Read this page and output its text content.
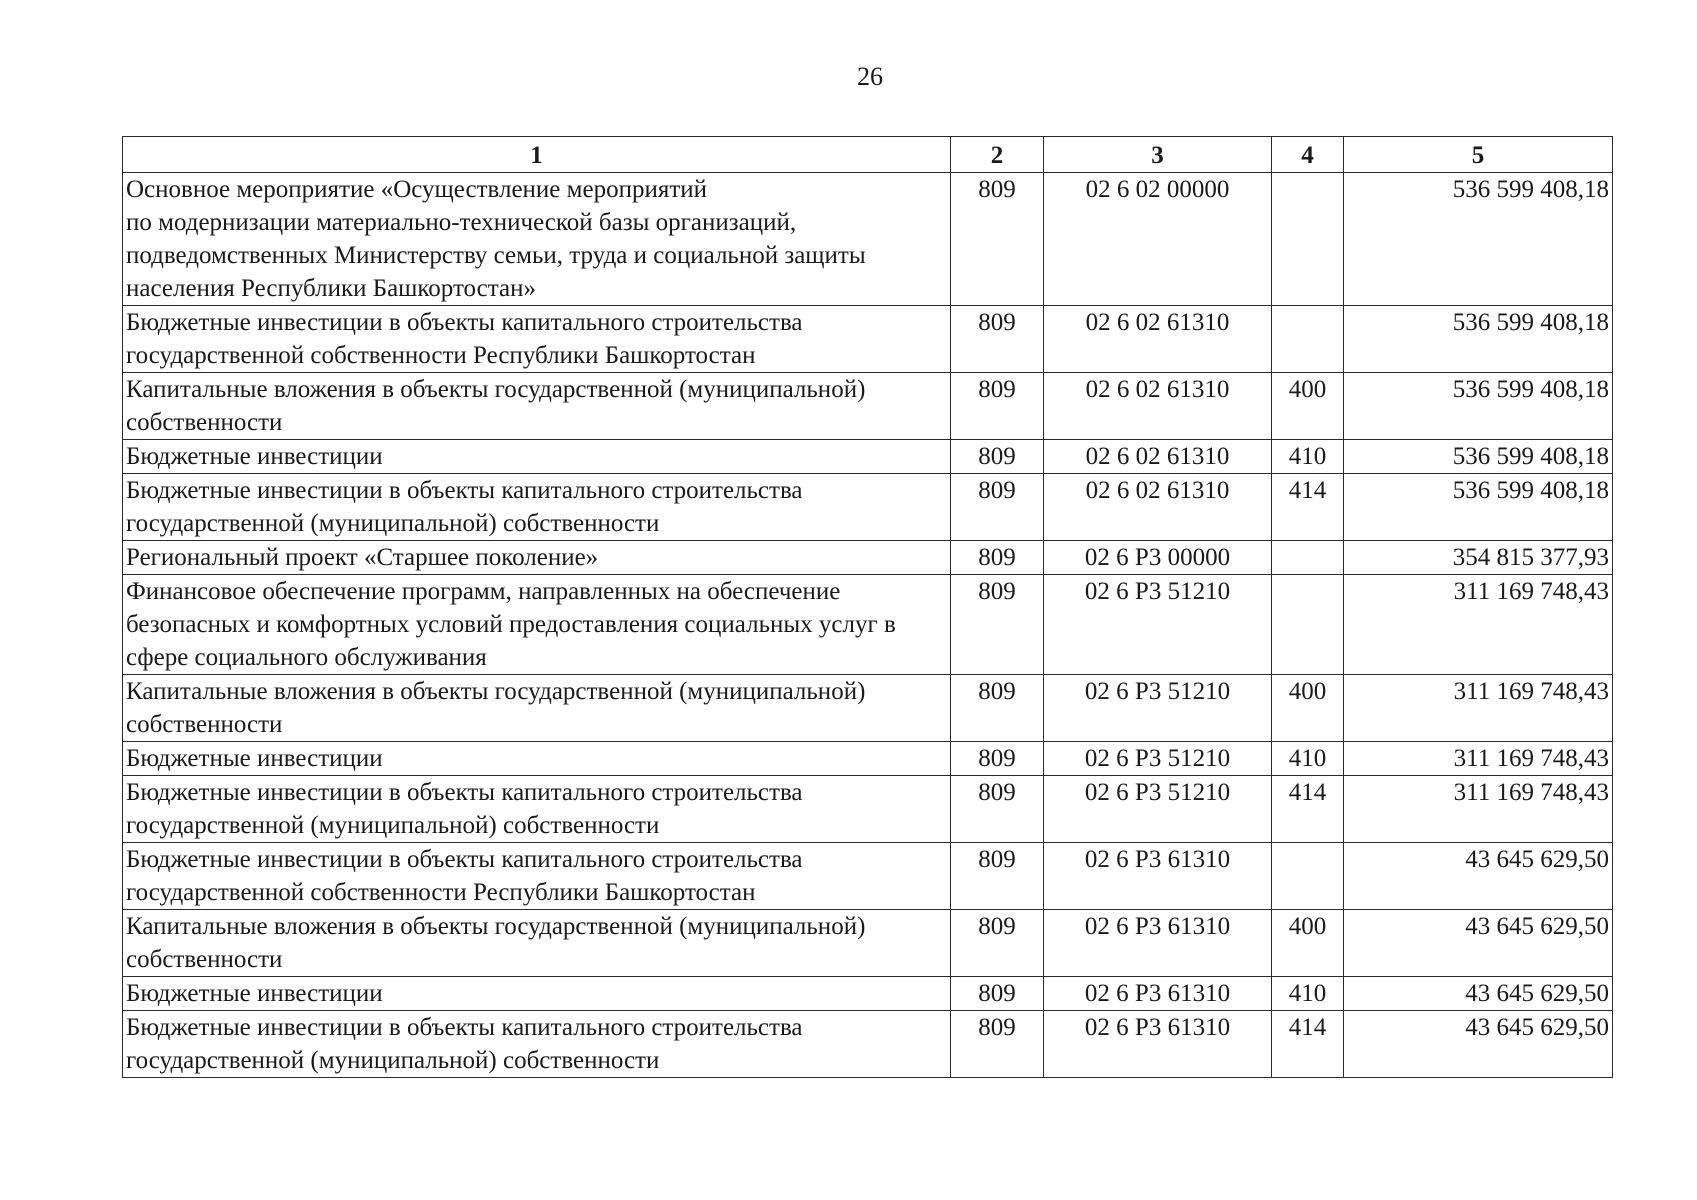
26
1	2	3	4	5
Основное мероприятие «Осуществление мероприятий
по модернизации материально-технической базы организаций, подведомственных Министерству семьи, труда и социальной защиты населения Республики Башкортостан»	809	02 6 02 00000		536 599 408,18
Бюджетные инвестиции в объекты капитального строительства государственной собственности Республики Башкортостан	809	02 6 02 61310		536 599 408,18
Капитальные вложения в объекты государственной (муниципальной) собственности	809	02 6 02 61310	400	536 599 408,18
Бюджетные инвестиции	809	02 6 02 61310	410	536 599 408,18
Бюджетные инвестиции в объекты капитального строительства государственной (муниципальной) собственности	809	02 6 02 61310	414	536 599 408,18
Региональный проект «Старшее поколение»	809	02 6 P3 00000		354 815 377,93
Финансовое обеспечение программ, направленных на обеспечение безопасных и комфортных условий предоставления социальных услуг в сфере социального обслуживания	809	02 6 P3 51210		311 169 748,43
Капитальные вложения в объекты государственной (муниципальной) собственности	809	02 6 P3 51210	400	311 169 748,43
Бюджетные инвестиции	809	02 6 P3 51210	410	311 169 748,43
Бюджетные инвестиции в объекты капитального строительства государственной (муниципальной) собственности	809	02 6 P3 51210	414	311 169 748,43
Бюджетные инвестиции в объекты капитального строительства государственной собственности Республики Башкортостан	809	02 6 P3 61310		43 645 629,50
Капитальные вложения в объекты государственной (муниципальной) собственности	809	02 6 P3 61310	400	43 645 629,50
Бюджетные инвестиции	809	02 6 P3 61310	410	43 645 629,50
Бюджетные инвестиции в объекты капитального строительства государственной (муниципальной) собственности	809	02 6 P3 61310	414	43 645 629,50
